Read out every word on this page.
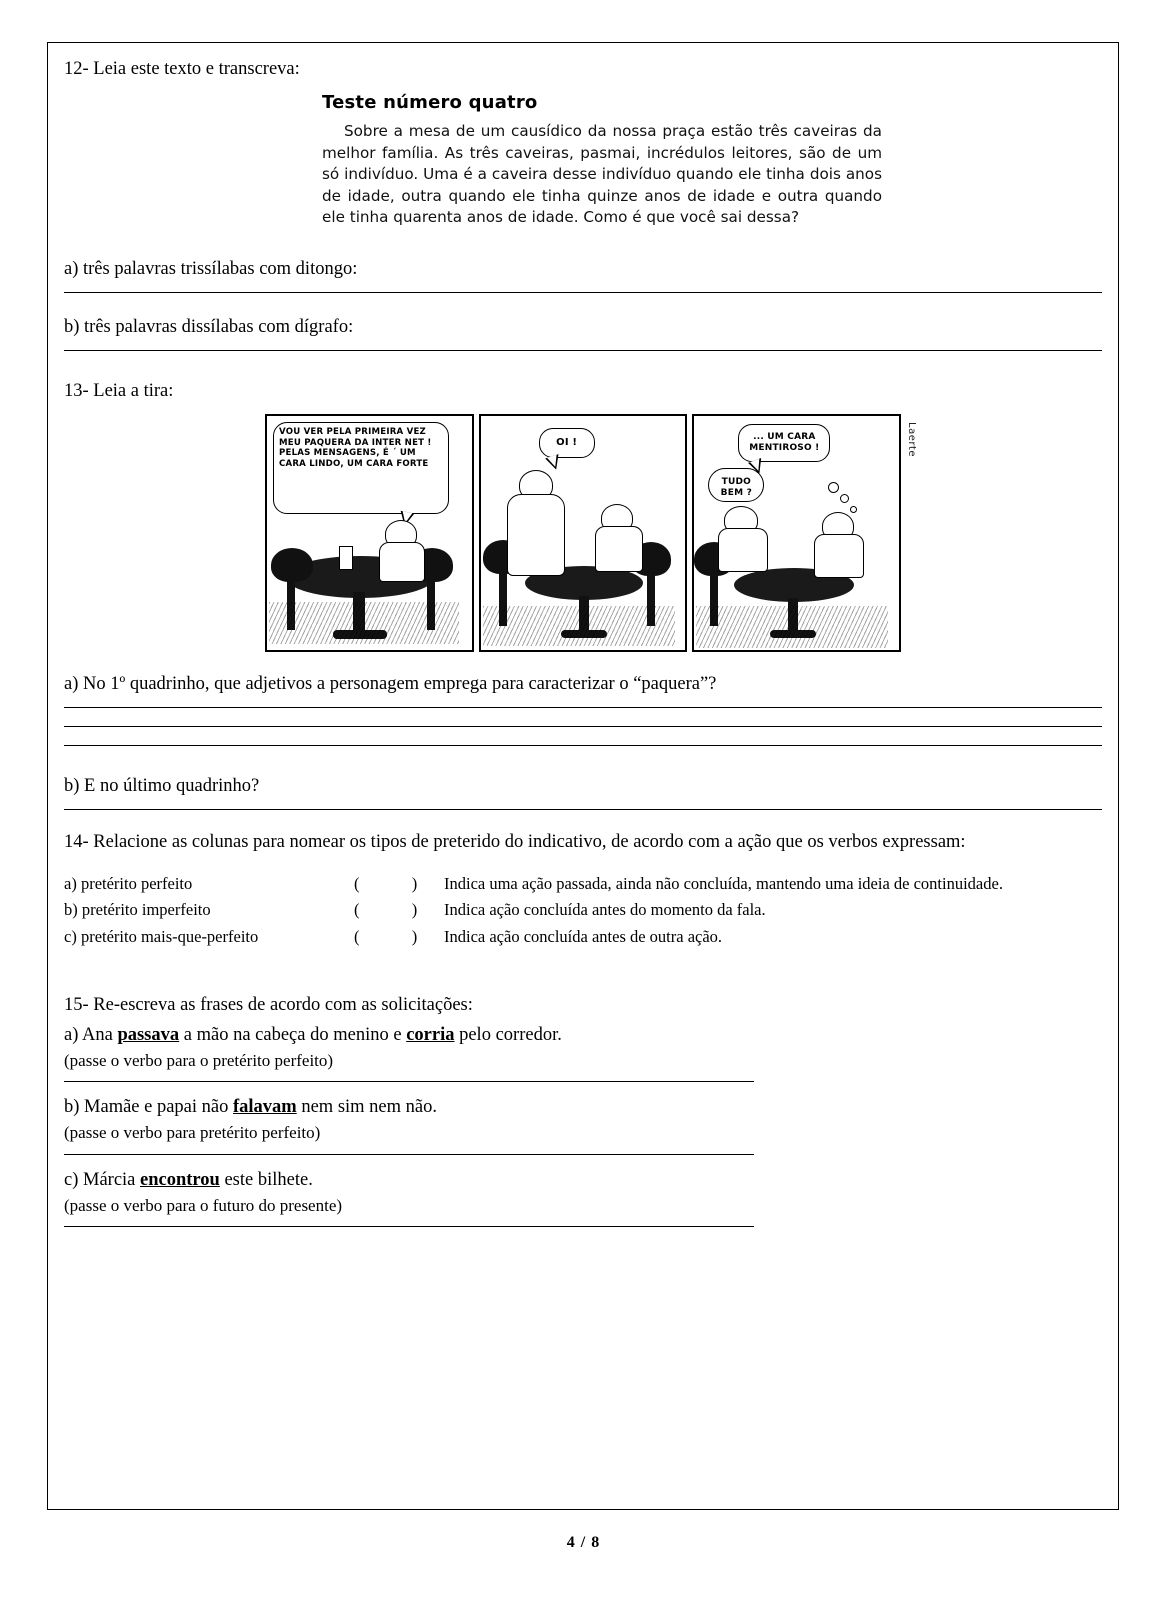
12- Leia este texto e transcreva:
Teste número quatro
Sobre a mesa de um causídico da nossa praça estão três caveiras da melhor família. As três caveiras, pasmai, incrédulos leitores, são de um só indivíduo. Uma é a caveira desse indivíduo quando ele tinha dois anos de idade, outra quando ele tinha quinze anos de idade e outra quando ele tinha quarenta anos de idade. Como é que você sai dessa?
a) três palavras trissílabas com ditongo:
b) três palavras dissílabas com dígrafo:
13- Leia a tira:
Laerte
VOU VER PELA PRIMEIRA VEZ MEU PAQUERA DA INTER NET ! PELAS MENSAGENS, É ´ UM CARA LINDO, UM CARA FORTE
OI !	... UM CARA MENTIROSO !
TUDO BEM ?
a) No 1º quadrinho, que adjetivos a personagem emprega para caracterizar o “paquera”?
b) E no último quadrinho?
14- Relacione as colunas para nomear os tipos de preterido do indicativo, de acordo com a ação que os verbos expressam:
a) pretérito perfeito	(	)	Indica uma ação passada, ainda não concluída, mantendo uma ideia de continuidade.
b) pretérito imperfeito	(	)	Indica ação concluída antes do momento da fala.
c) pretérito mais-que-perfeito	(	)	Indica ação concluída antes de outra ação.
15- Re-escreva as frases de acordo com as solicitações:
a) Ana passava a mão na cabeça do menino e corria pelo corredor.
(passe o verbo para o pretérito perfeito)
b) Mamãe e papai não falavam nem sim nem não.
(passe o verbo para pretérito perfeito)
c) Márcia encontrou este bilhete.
(passe o verbo para o futuro do presente)
4 / 8
